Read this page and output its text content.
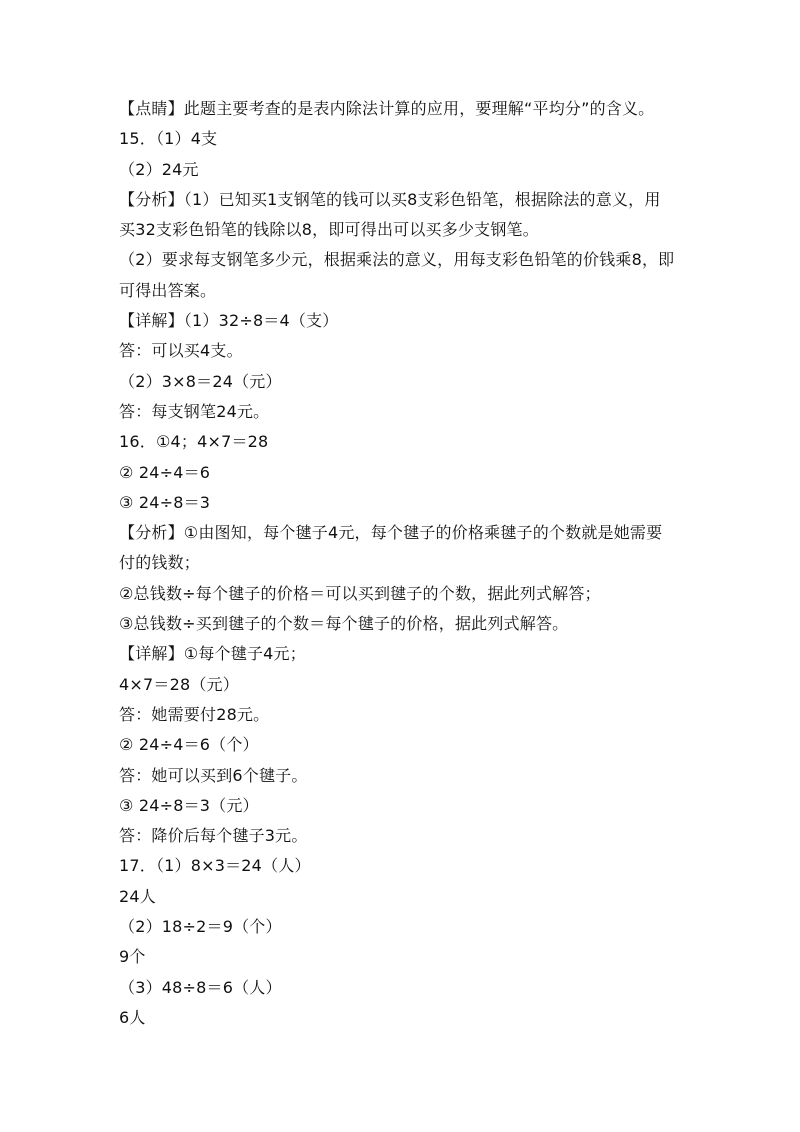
【点睛】此题主要考查的是表内除法计算的应用，要理解“平均分”的含义。
15．（1）4支
（2）24元
【分析】（1）已知买1支钢笔的钱可以买8支彩色铅笔，根据除法的意义，用
买32支彩色铅笔的钱除以8，即可得出可以买多少支钢笔。
（2）要求每支钢笔多少元，根据乘法的意义，用每支彩色铅笔的价钱乘8，即
可得出答案。
【详解】（1）32÷8＝4（支）
答：可以买4支。
（2）3×8＝24（元）
答：每支钢笔24元。
16．①4；4×7＝28
② 24÷4＝6
③ 24÷8＝3
【分析】①由图知，每个毽子4元，每个毽子的价格乘毽子的个数就是她需要
付的钱数；
②总钱数÷每个毽子的价格＝可以买到毽子的个数，据此列式解答；
③总钱数÷买到毽子的个数＝每个毽子的价格，据此列式解答。
【详解】①每个毽子4元；
4×7＝28（元）
答：她需要付28元。
② 24÷4＝6（个）
答：她可以买到6个毽子。
③ 24÷8＝3（元）
答：降价后每个毽子3元。
17．（1）8×3＝24（人）
24人
（2）18÷2＝9（个）
9个
（3）48÷8＝6（人）
6人
